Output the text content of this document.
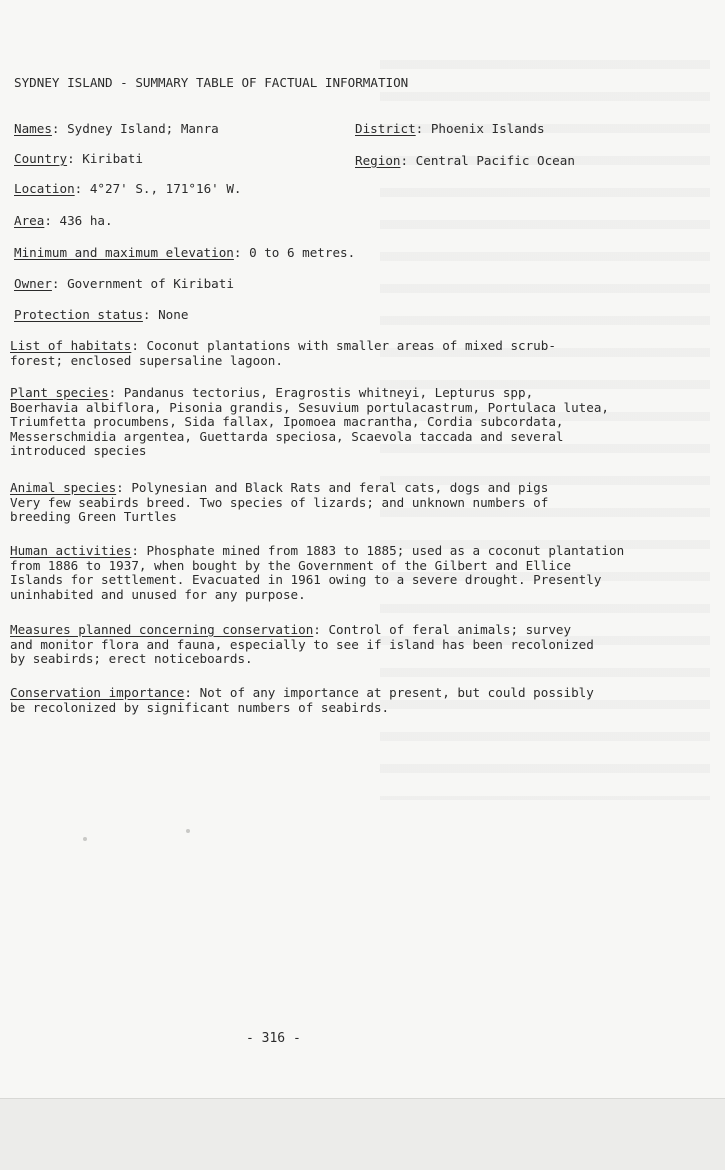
SYDNEY ISLAND - SUMMARY TABLE OF FACTUAL INFORMATION
Names: Sydney Island; Manra	District: Phoenix Islands
Country: Kiribati	Region: Central Pacific Ocean
Location: 4°27' S., 171°16' W.
Area: 436 ha.
Minimum and maximum elevation: 0 to 6 metres.
Owner: Government of Kiribati
Protection status: None
List of habitats: Coconut plantations with smaller areas of mixed scrub-
forest; enclosed supersaline lagoon.
Plant species: Pandanus tectorius, Eragrostis whitneyi, Lepturus spp,
Boerhavia albiflora, Pisonia grandis, Sesuvium portulacastrum, Portulaca lutea,
Triumfetta procumbens, Sida fallax, Ipomoea macrantha, Cordia subcordata,
Messerschmidia argentea, Guettarda speciosa, Scaevola taccada and several
introduced species
Animal species: Polynesian and Black Rats and feral cats, dogs and pigs
Very few seabirds breed. Two species of lizards; and unknown numbers of
breeding Green Turtles
Human activities: Phosphate mined from 1883 to 1885; used as a coconut plantation
from 1886 to 1937, when bought by the Government of the Gilbert and Ellice
Islands for settlement. Evacuated in 1961 owing to a severe drought. Presently
uninhabited and unused for any purpose.
Measures planned concerning conservation: Control of feral animals; survey
and monitor flora and fauna, especially to see if island has been recolonized
by seabirds; erect noticeboards.
Conservation importance: Not of any importance at present, but could possibly
be recolonized by significant numbers of seabirds.
- 316 -
